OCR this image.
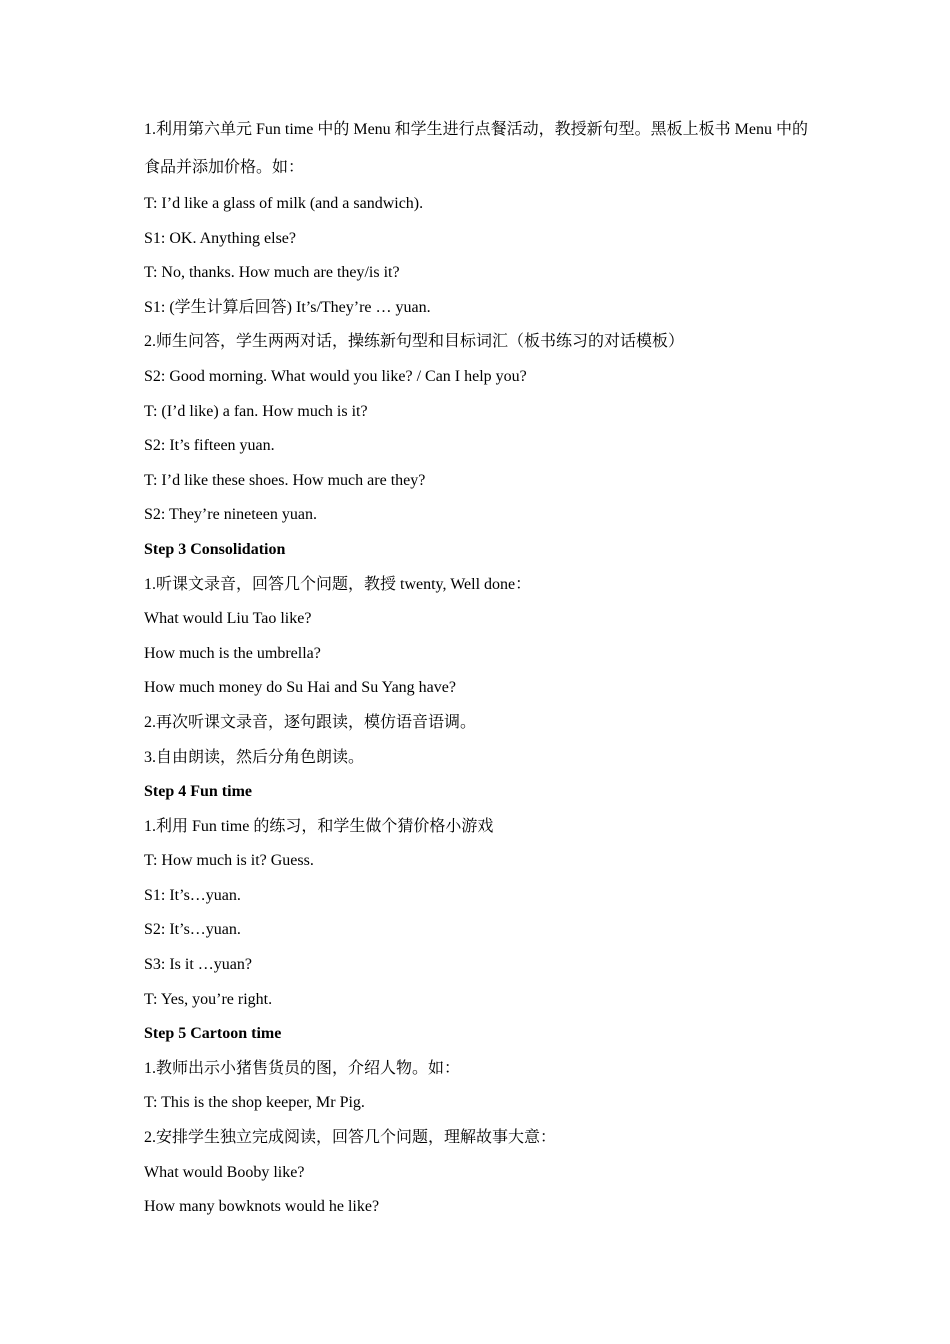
1.利用第六单元 Fun time 中的 Menu 和学生进行点餐活动，教授新句型。黑板上板书 Menu 中的食品并添加价格。如：

T: I’d like a glass of milk (and a sandwich).

S1: OK. Anything else?

T: No, thanks. How much are they/is it?

S1: (学生计算后回答) It’s/They’re … yuan.

2.师生问答，学生两两对话，操练新句型和目标词汇（板书练习的对话模板）

S2: Good morning. What would you like? / Can I help you?

T: (I’d like) a fan. How much is it?

S2: It’s fifteen yuan.

T: I’d like these shoes. How much are they?

S2: They’re nineteen yuan.

Step 3 Consolidation

1.听课文录音，回答几个问题，教授 twenty, Well done：

What would Liu Tao like?

How much is the umbrella?

How much money do Su Hai and Su Yang have?

2.再次听课文录音，逐句跟读，模仿语音语调。

3.自由朗读，然后分角色朗读。

Step 4 Fun time

1.利用 Fun time 的练习，和学生做个猜价格小游戏

T: How much is it? Guess.

S1: It’s…yuan.

S2: It’s…yuan.

S3: Is it …yuan?

T: Yes, you’re right.

Step 5 Cartoon time

1.教师出示小猪售货员的图，介绍人物。如：

T: This is the shop keeper, Mr Pig.

2.安排学生独立完成阅读，回答几个问题，理解故事大意：

What would Booby like?

How many bowknots would he like?
